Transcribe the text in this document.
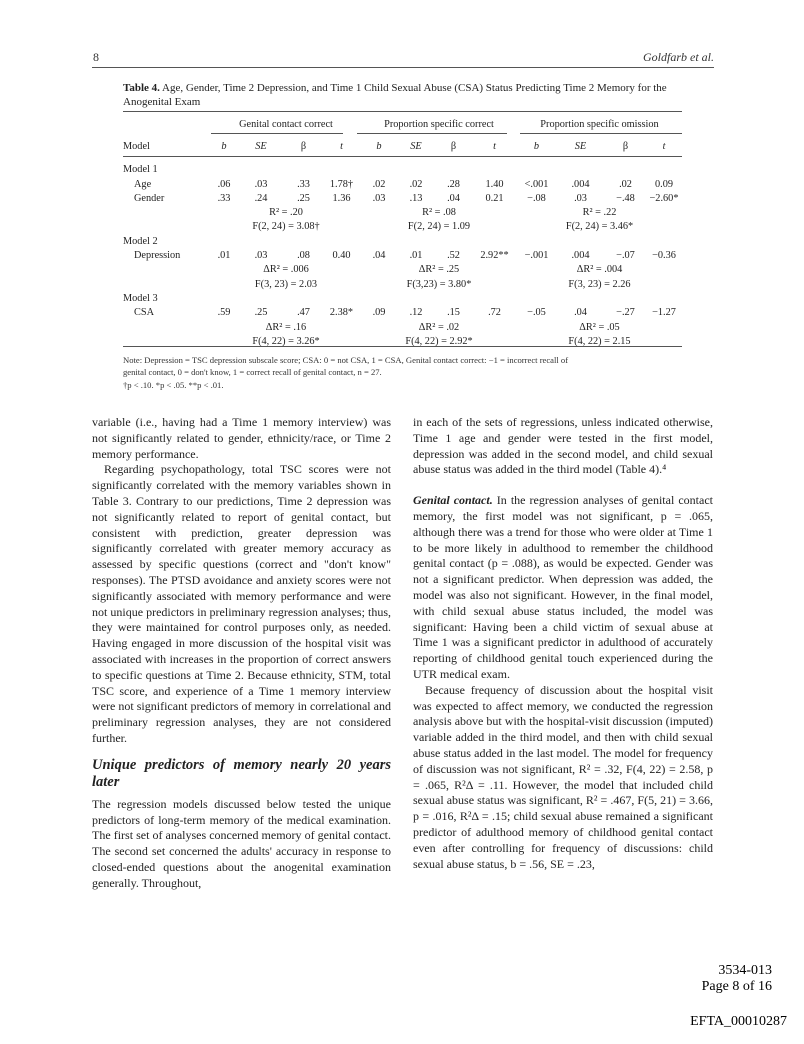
8	Goldfarb et al.
Table 4. Age, Gender, Time 2 Depression, and Time 1 Child Sexual Abuse (CSA) Status Predicting Time 2 Memory for the Anogenital Exam
	Genital contact correct				Proportion specific correct				Proportion specific omission			

Model	b	SE	β	t	b	SE	β	t	b	SE	β	t

Model 1												
Age	.06	.03	.33	1.78†	.02	.02	.28	1.40	<.001	.004	.02	0.09
Gender	.33	.24	.25	1.36	.03	.13	.04	0.21	−.08	.03	−.48	−2.60*
	R² = .20				R² = .08				R² = .22			
	F(2, 24) = 3.08†				F(2, 24) = 1.09				F(2, 24) = 3.46*			
Model 2												
Depression	.01	.03	.08	0.40	.04	.01	.52	2.92**	−.001	.004	−.07	−0.36
	ΔR² = .006				ΔR² = .25				ΔR² = .004			
	F(3, 23) = 2.03				F(3,23) = 3.80*				F(3, 23) = 2.26			
Model 3												
CSA	.59	.25	.47	2.38*	.09	.12	.15	.72	−.05	.04	−.27	−1.27
	ΔR² = .16				ΔR² = .02				ΔR² = .05			
	F(4, 22) = 3.26*				F(4, 22) = 2.92*				F(4, 22) = 2.15			
Note: Depression = TSC depression subscale score; CSA: 0 = not CSA, 1 = CSA, Genital contact correct: −1 = incorrect recall of
genital contact, 0 = don't know, 1 = correct recall of genital contact, n = 27.
†p < .10. *p < .05. **p < .01.

variable (i.e., having had a Time 1 memory interview) was not significantly related to gender, ethnicity/race, or Time 2 memory performance.

Regarding psychopathology, total TSC scores were not significantly correlated with the memory variables shown in Table 3. Contrary to our predictions, Time 2 depression was not significantly related to report of genital contact, but consistent with prediction, greater depression was significantly correlated with greater memory accuracy as assessed by specific questions (correct and "don't know" responses). The PTSD avoidance and anxiety scores were not significantly associated with memory performance and were not unique predictors in preliminary regression analyses; thus, they were maintained for control purposes only, as needed. Having engaged in more discussion of the hospital visit was associated with increases in the proportion of correct answers to specific questions at Time 2. Because ethnicity, STM, total TSC score, and experience of a Time 1 memory interview were not significant predictors of memory in correlational and preliminary regression analyses, they are not considered further.

Unique predictors of memory nearly 20 years later

The regression models discussed below tested the unique predictors of long-term memory of the medical examination. The first set of analyses concerned memory of genital contact. The second set concerned the adults' accuracy in response to closed-ended questions about the anogenital examination generally. Throughout,

in each of the sets of regressions, unless indicated otherwise, Time 1 age and gender were tested in the first model, depression was added in the second model, and child sexual abuse status was added in the third model (Table 4).⁴

Genital contact. In the regression analyses of genital contact memory, the first model was not significant, p = .065, although there was a trend for those who were older at Time 1 to be more likely in adulthood to remember the childhood genital contact (p = .088), as would be expected. Gender was not a significant predictor. When depression was added, the model was also not significant. However, in the final model, with child sexual abuse status included, the model was significant: Having been a child victim of sexual abuse at Time 1 was a significant predictor in adulthood of accurately reporting of childhood genital touch experienced during the UTR medical exam.

Because frequency of discussion about the hospital visit was expected to affect memory, we conducted the regression analysis above but with the hospital-visit discussion (imputed) variable added in the third model, and then with child sexual abuse status added in the last model. The model for frequency of discussion was not significant, R² = .32, F(4, 22) = 2.58, p = .065, R²Δ = .11. However, the model that included child sexual abuse status was significant, R² = .467, F(5, 21) = 3.66, p = .016, R²Δ = .15; child sexual abuse remained a significant predictor of adulthood memory of childhood genital contact even after controlling for frequency of discussions: child sexual abuse status, b = .56, SE = .23,

3534-013
Page 8 of 16
EFTA_00010287
